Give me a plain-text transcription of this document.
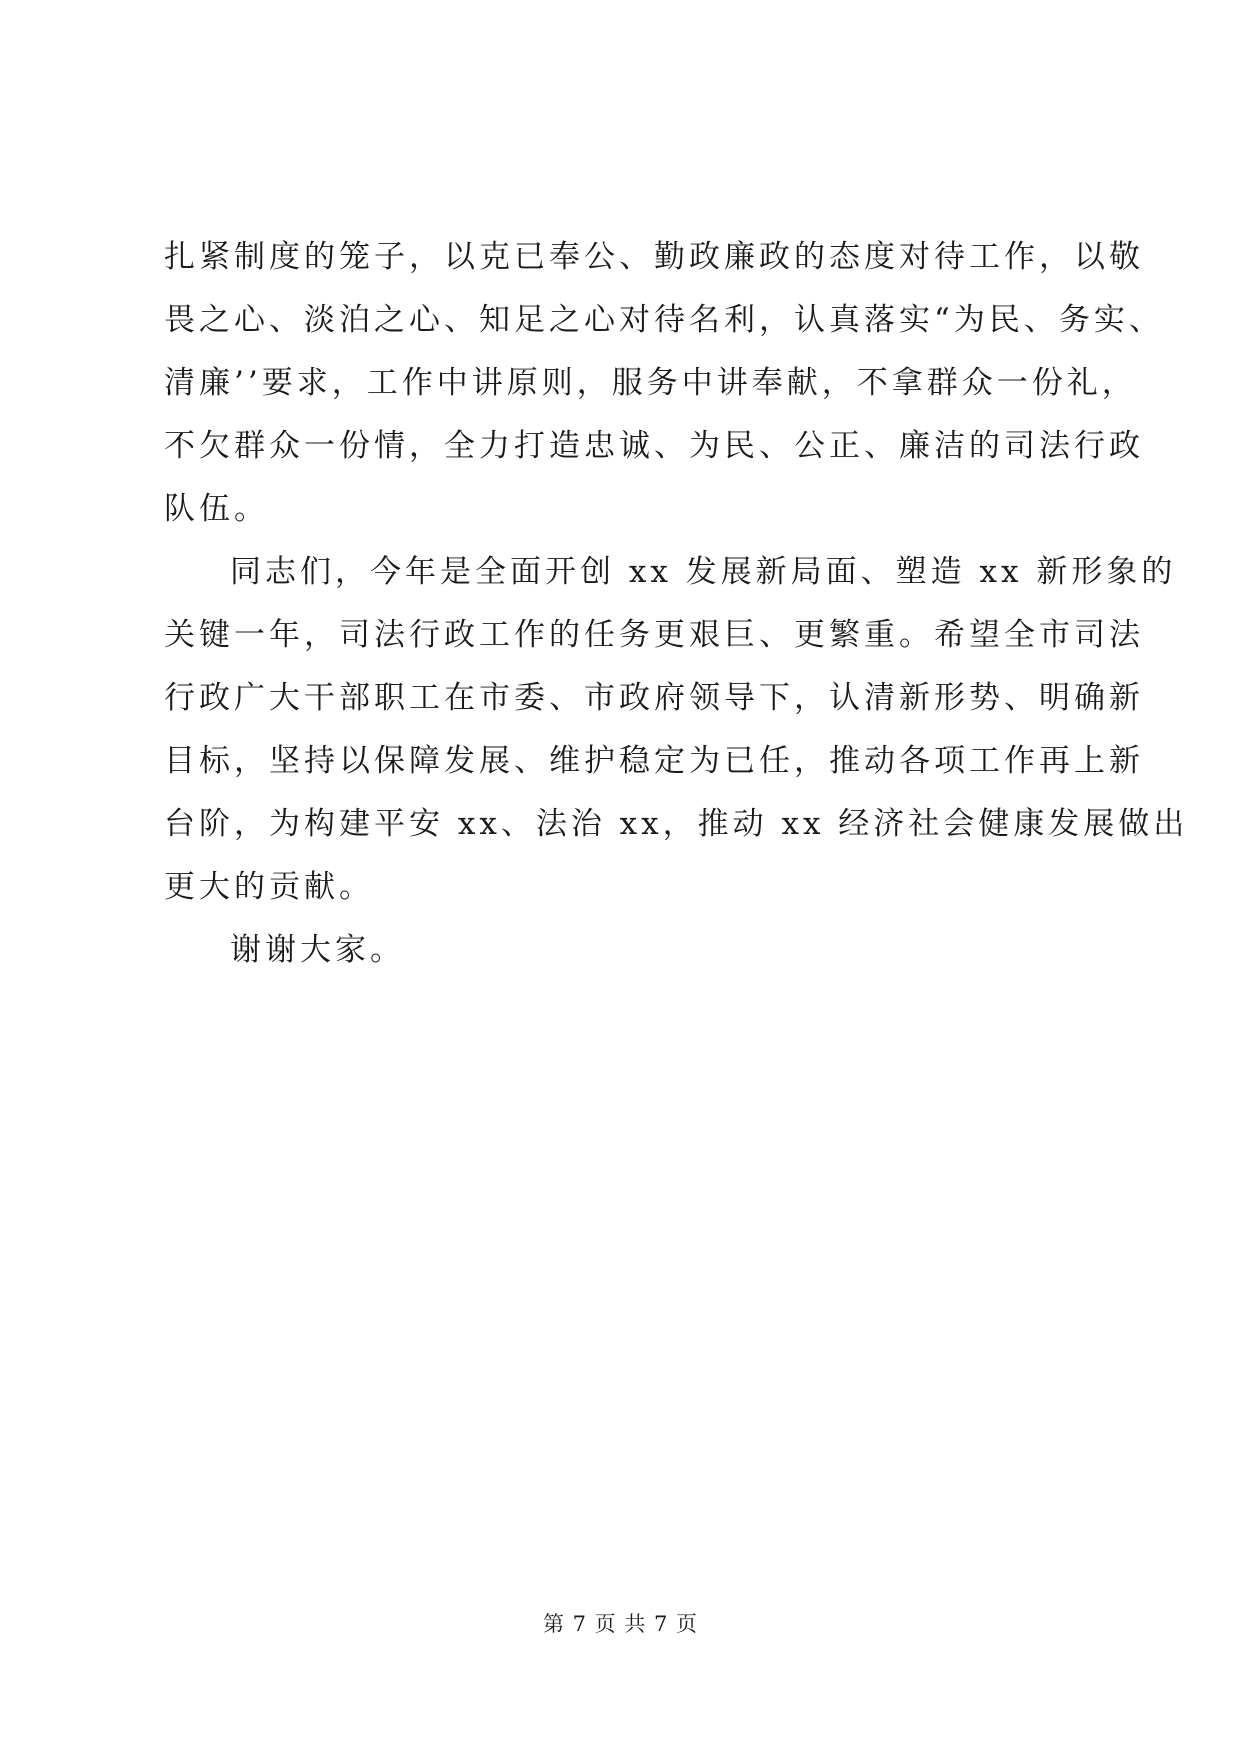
扎紧制度的笼子，以克已奉公、勤政廉政的态度对待工作，以敬
畏之心、淡泊之心、知足之心对待名利，认真落实“为民、务实、
清廉’’要求，工作中讲原则，服务中讲奉献，不拿群众一份礼，
不欠群众一份情，全力打造忠诚、为民、公正、廉洁的司法行政
队伍。
同志们，今年是全面开创 xx 发展新局面、塑造 xx 新形象的
关键一年，司法行政工作的任务更艰巨、更繁重。希望全市司法
行政广大干部职工在市委、市政府领导下，认清新形势、明确新
目标，坚持以保障发展、维护稳定为已任，推动各项工作再上新
台阶，为构建平安 xx、法治 xx，推动 xx 经济社会健康发展做出
更大的贡献。
谢谢大家。
第 7 页 共 7 页
